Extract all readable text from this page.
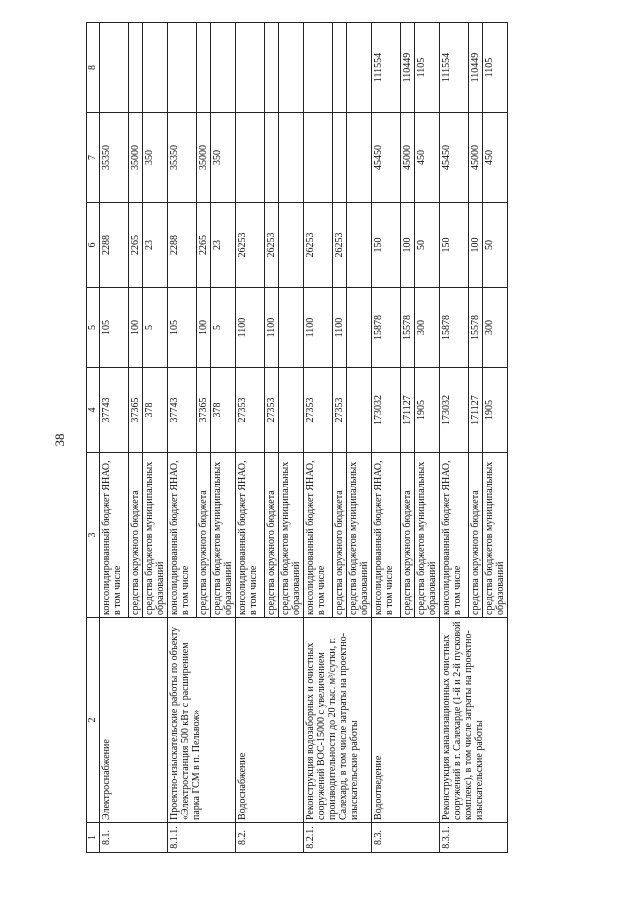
38
1	2	3	4	5	6	7	8
8.1.	Электроснабжение	консолидированный бюджет ЯНАО, в том числе	37743	105	2288	35350	
		средства окружного бюджета	37365	100	2265	35000	
		средства бюджетов муниципальных образований	378	5	23	350	
8.1.1.	Проектно-изыскательские работы по объекту «Электростанция 500 кВт с расширением парка ГСМ в п. Пельвож»	консолидированный бюджет ЯНАО, в том числе	37743	105	2288	35350	
		средства окружного бюджета	37365	100	2265	35000	
		средства бюджетов муниципальных образований	378	5	23	350	
8.2.	Водоснабжение	консолидированный бюджет ЯНАО, в том числе	27353	1100	26253		
		средства окружного бюджета	27353	1100	26253		
		средства бюджетов муниципальных образований					
8.2.1.	Реконструкция водозаборных и очистных сооружений ВОС-15000 с увеличением производительности до 20 тыс. м³/сутки, г. Салехард, в том числе затраты на проектно-изыскательские работы	консолидированный бюджет ЯНАО, в том числе	27353	1100	26253		
		средства окружного бюджета	27353	1100	26253		
		средства бюджетов муниципальных образований					
8.3.	Водоотведение	консолидированный бюджет ЯНАО, в том числе	173032	15878	150	45450	111554
		средства окружного бюджета	171127	15578	100	45000	110449
		средства бюджетов муниципальных образований	1905	300	50	450	1105
8.3.1.	Реконструкция канализационных очистных сооружений в г. Салехарде (1-й и 2-й пусковой комплекс), в том числе затраты на проектно-изыскательские работы	консолидированный бюджет ЯНАО, в том числе	173032	15878	150	45450	111554
		средства окружного бюджета	171127	15578	100	45000	110449
		средства бюджетов муниципальных образований	1905	300	50	450	1105
